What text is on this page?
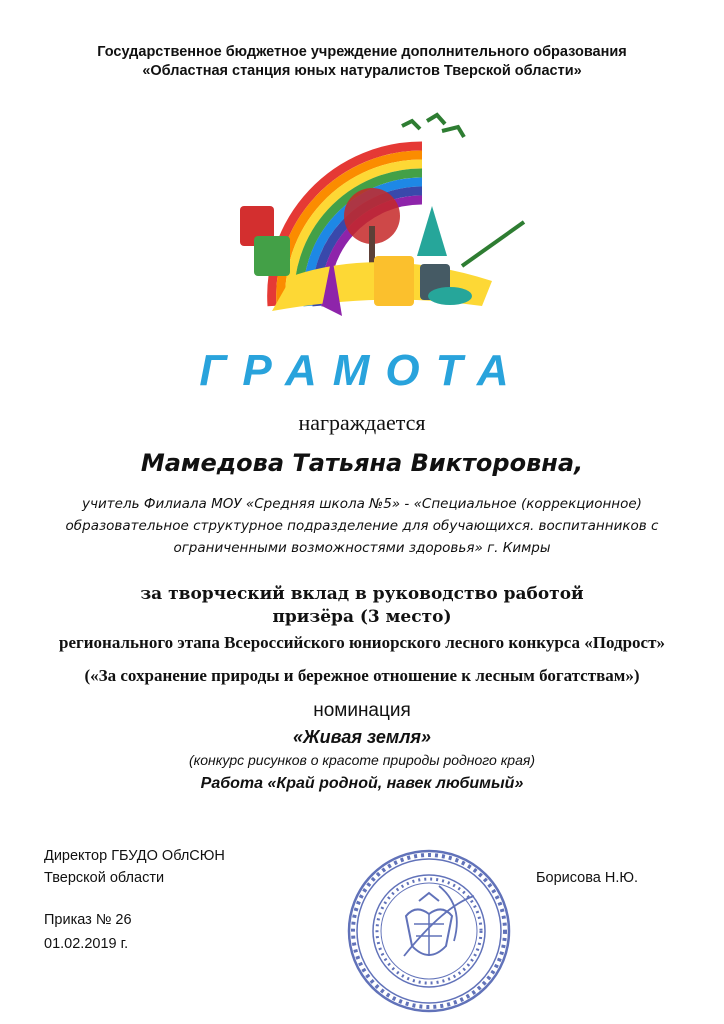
Государственное бюджетное учреждение дополнительного образования
«Областная станция юных натуралистов Тверской области»
ГРАМОТА
награждается
Мамедова Татьяна Викторовна,
учитель Филиала МОУ «Средняя школа №5» - «Специальное (коррекционное)
образовательное структурное подразделение для обучающихся. воспитанников с
ограниченными возможностями здоровья» г. Кимры
за творческий вклад в руководство работой
призёра (3 место)
регионального этапа Всероссийского юниорского лесного конкурса «Подрост»
(«За сохранение природы и бережное отношение к лесным богатствам»)
номинация
«Живая земля»
(конкурс рисунков о красоте природы родного края)
Работа «Край родной, навек любимый»
Директор ГБУДО ОблСЮН
Тверской области
Приказ № 26
01.02.2019 г.
Борисова Н.Ю.
